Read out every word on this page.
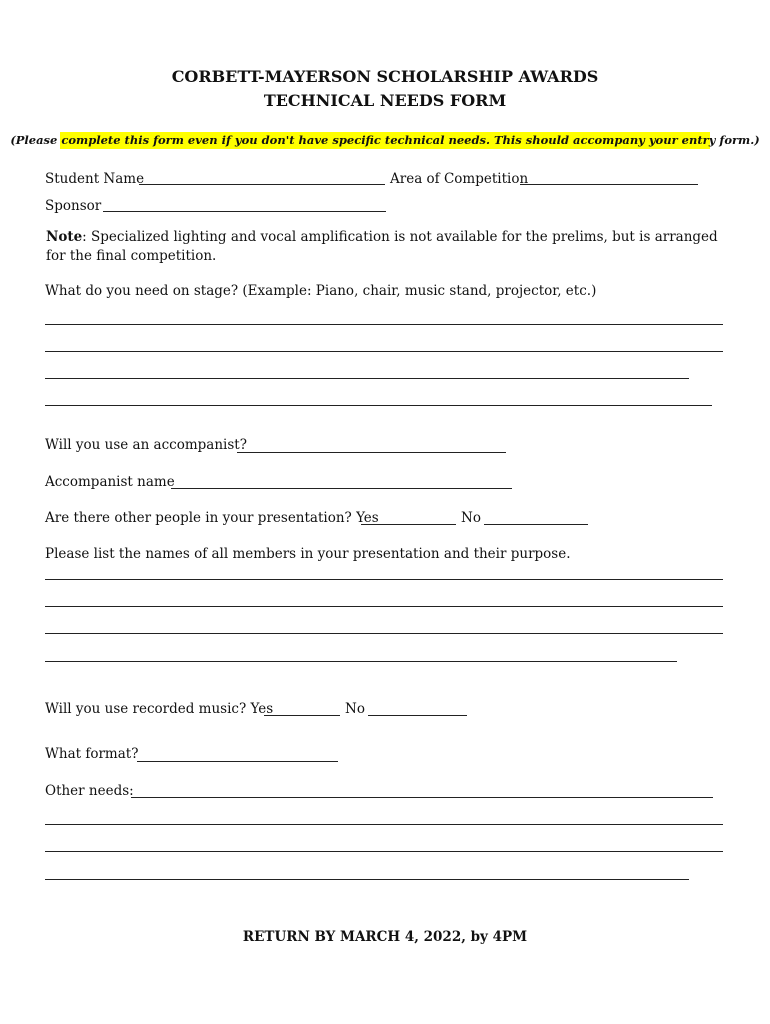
CORBETT-MAYERSON SCHOLARSHIP AWARDS
TECHNICAL NEEDS FORM
(Please complete this form even if you don't have specific technical needs. This should accompany your entry form.)
Student Name	Area of Competition
Sponsor
Note: Specialized lighting and vocal amplification is not available for the prelims, but is arranged for the final competition.
What do you need on stage? (Example: Piano, chair, music stand, projector, etc.)
Will you use an accompanist?
Accompanist name
Are there other people in your presentation? Yes	No
Please list the names of all members in your presentation and their purpose.
Will you use recorded music? Yes	No
What format?
Other needs:
RETURN BY MARCH 4, 2022, by 4PM
